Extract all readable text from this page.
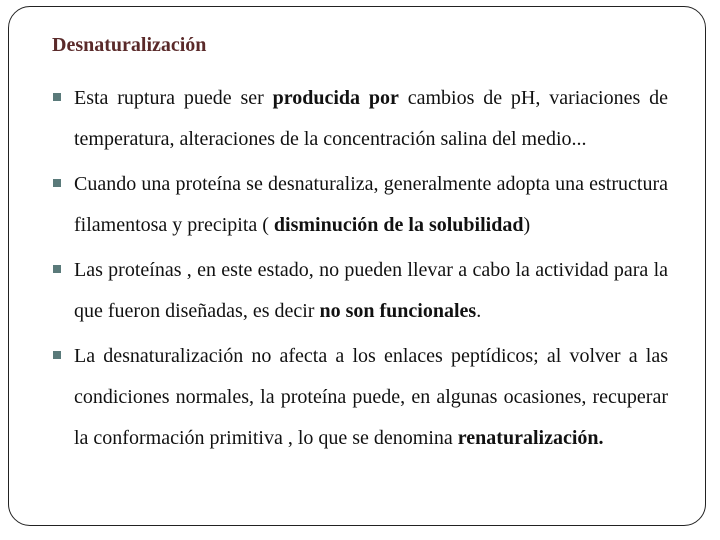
Desnaturalización
Esta ruptura puede ser producida por cambios de pH, variaciones de temperatura, alteraciones de la concentración salina del medio...
Cuando una proteína se desnaturaliza, generalmente adopta una estructura filamentosa y precipita ( disminución de la solubilidad)
Las proteínas , en este estado, no pueden llevar a cabo la actividad para la que fueron diseñadas, es decir no son funcionales.
La desnaturalización no afecta a los enlaces peptídicos; al volver a las condiciones normales, la proteína puede, en algunas ocasiones, recuperar la conformación primitiva , lo que se denomina renaturalización.
